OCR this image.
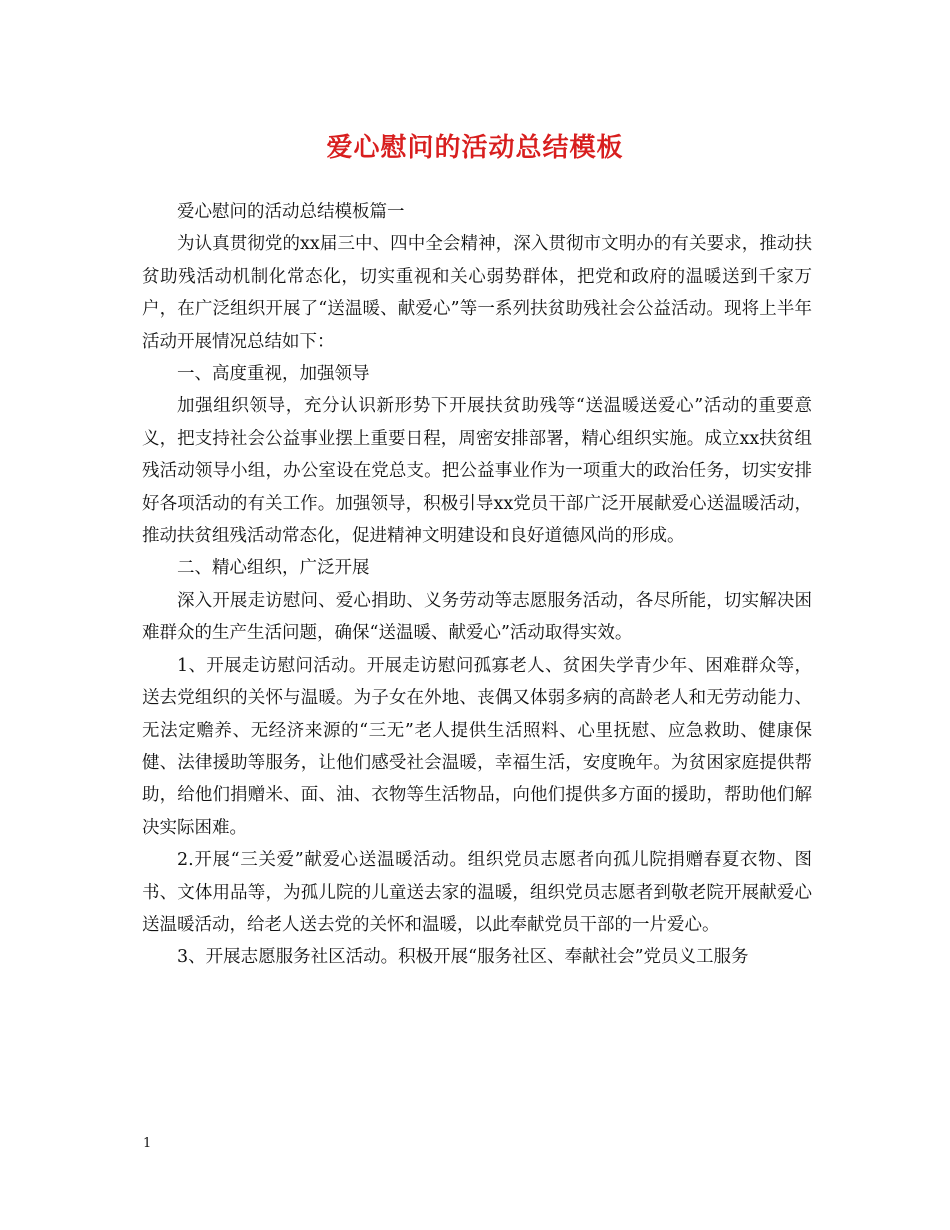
爱心慰问的活动总结模板

爱心慰问的活动总结模板篇一

为认真贯彻党的xx届三中、四中全会精神，深入贯彻市文明办的有关要求，推动扶贫助残活动机制化常态化，切实重视和关心弱势群体，把党和政府的温暖送到千家万户，在广泛组织开展了“送温暖、献爱心”等一系列扶贫助残社会公益活动。现将上半年活动开展情况总结如下：

一、高度重视，加强领导

加强组织领导，充分认识新形势下开展扶贫助残等“送温暖送爱心”活动的重要意义，把支持社会公益事业摆上重要日程，周密安排部署，精心组织实施。成立xx扶贫组残活动领导小组，办公室设在党总支。把公益事业作为一项重大的政治任务，切实安排好各项活动的有关工作。加强领导，积极引导xx党员干部广泛开展献爱心送温暖活动，推动扶贫组残活动常态化，促进精神文明建设和良好道德风尚的形成。

二、精心组织，广泛开展

深入开展走访慰问、爱心捐助、义务劳动等志愿服务活动，各尽所能，切实解决困难群众的生产生活问题，确保“送温暖、献爱心”活动取得实效。

1、开展走访慰问活动。开展走访慰问孤寡老人、贫困失学青少年、困难群众等，送去党组织的关怀与温暖。为子女在外地、丧偶又体弱多病的高龄老人和无劳动能力、无法定赡养、无经济来源的“三无”老人提供生活照料、心里抚慰、应急救助、健康保健、法律援助等服务，让他们感受社会温暖，幸福生活，安度晚年。为贫困家庭提供帮助，给他们捐赠米、面、油、衣物等生活物品，向他们提供多方面的援助，帮助他们解决实际困难。

2.开展“三关爱”献爱心送温暖活动。组织党员志愿者向孤儿院捐赠春夏衣物、图书、文体用品等，为孤儿院的儿童送去家的温暖，组织党员志愿者到敬老院开展献爱心送温暖活动，给老人送去党的关怀和温暖，以此奉献党员干部的一片爱心。

3、开展志愿服务社区活动。积极开展“服务社区、奉献社会”党员义工服务

1
